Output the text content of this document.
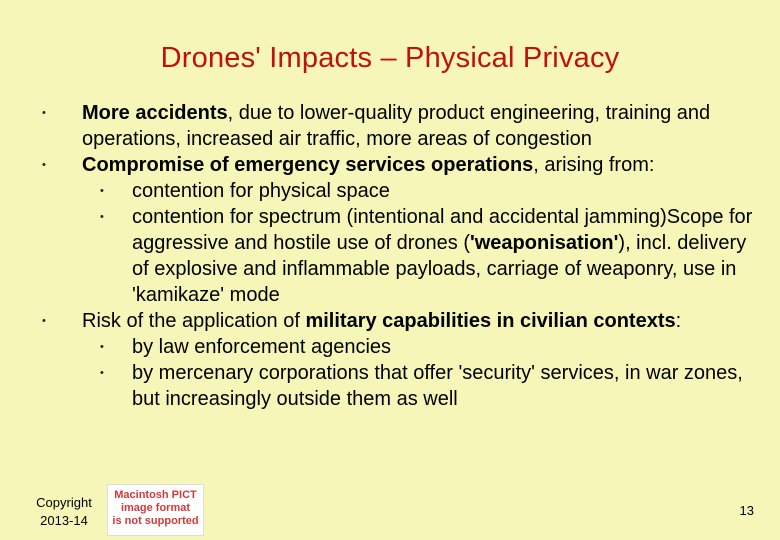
Drones' Impacts – Physical Privacy
• More accidents, due to lower-quality product engineering, training and operations, increased air traffic, more areas of congestion
• Compromise of emergency services operations, arising from:
• contention for physical space
• contention for spectrum (intentional and accidental jamming)Scope for aggressive and hostile use of drones ('weaponisation'), incl. delivery of explosive and inflammable payloads, carriage of weaponry, use in 'kamikaze' mode
• Risk of the application of military capabilities in civilian contexts:
• by law enforcement agencies
• by mercenary corporations that offer 'security' services, in war zones, but increasingly outside them as well
Copyright
2013-14
Macintosh PICT
image format
is not supported
13
